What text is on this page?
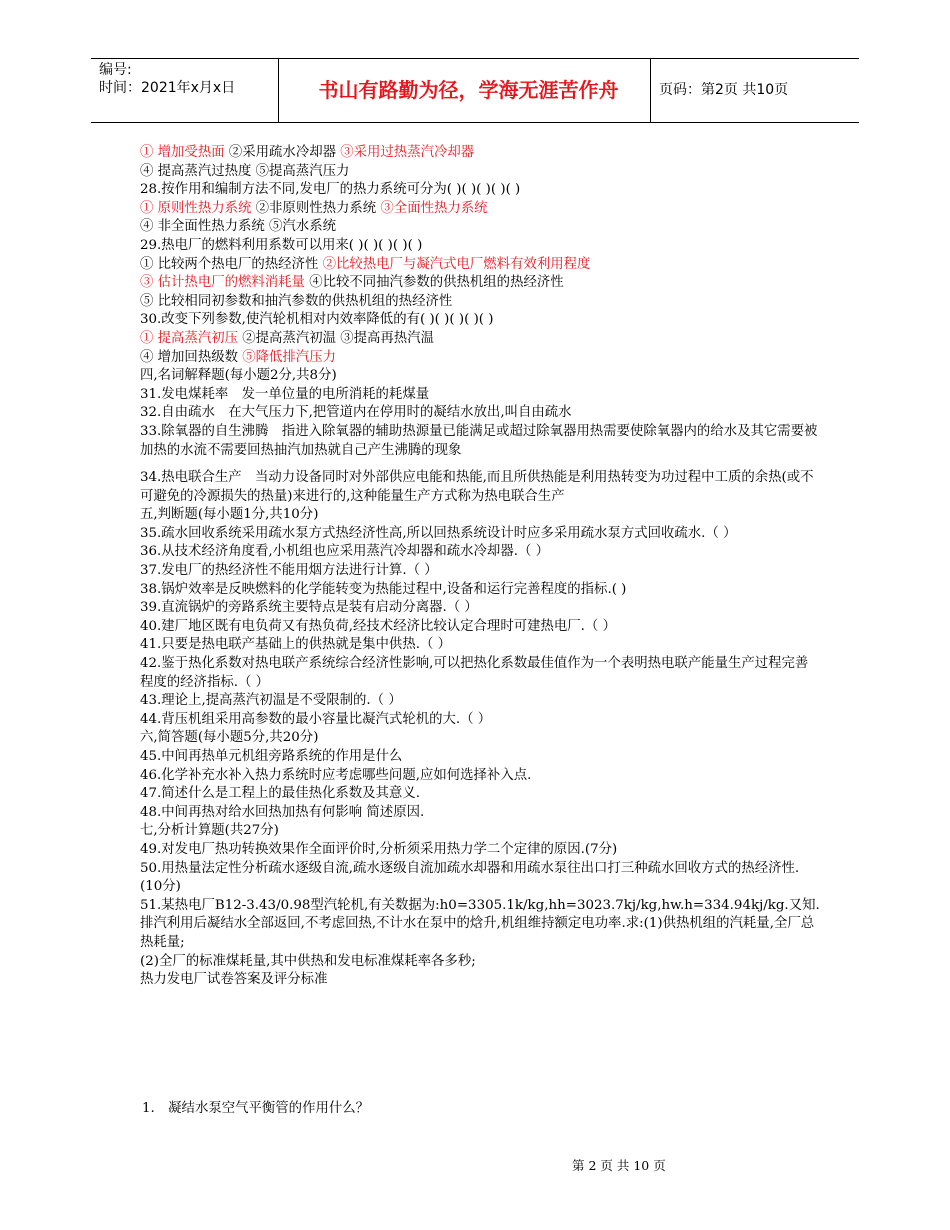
编号:
时间：2021年x月x日	书山有路勤为径，学海无涯苦作舟	页码：第2页 共10页
① 增加受热面 ②采用疏水冷却器 ③采用过热蒸汽冷却器
④ 提高蒸汽过热度 ⑤提高蒸汽压力
28.按作用和编制方法不同,发电厂的热力系统可分为( )( )( )( )( )
① 原则性热力系统 ②非原则性热力系统 ③全面性热力系统
④ 非全面性热力系统 ⑤汽水系统
29.热电厂的燃料利用系数可以用来( )( )( )( )( )
① 比较两个热电厂的热经济性 ②比较热电厂与凝汽式电厂燃料有效利用程度
③ 估计热电厂的燃料消耗量 ④比较不同抽汽参数的供热机组的热经济性
⑤ 比较相同初参数和抽汽参数的供热机组的热经济性
30.改变下列参数,使汽轮机相对内效率降低的有( )( )( )( )( )
① 提高蒸汽初压 ②提高蒸汽初温 ③提高再热汽温
④ 增加回热级数 ⑤降低排汽压力
四,名词解释题(每小题2分,共8分)
31.发电煤耗率　发一单位量的电所消耗的耗煤量
32.自由疏水　在大气压力下,把管道内在停用时的凝结水放出,叫自由疏水
33.除氧器的自生沸腾　指进入除氧器的辅助热源量已能满足或超过除氧器用热需要使除氧器内的给水及其它需要被加热的水流不需要回热抽汽加热就自己产生沸腾的现象
34.热电联合生产　当动力设备同时对外部供应电能和热能,而且所供热能是利用热转变为功过程中工质的余热(或不可避免的冷源损失的热量)来进行的,这种能量生产方式称为热电联合生产
五,判断题(每小题1分,共10分)
35.疏水回收系统采用疏水泵方式热经济性高,所以回热系统设计时应多采用疏水泵方式回收疏水.（ ）
36.从技术经济角度看,小机组也应采用蒸汽冷却器和疏水冷却器.（ ）
37.发电厂的热经济性不能用烟方法进行计算.（ ）
38.锅炉效率是反映燃料的化学能转变为热能过程中,设备和运行完善程度的指标.( )
39.直流锅炉的旁路系统主要特点是装有启动分离器.（ ）
40.建厂地区既有电负荷又有热负荷,经技术经济比较认定合理时可建热电厂.（ ）
41.只要是热电联产基础上的供热就是集中供热.（ ）
42.鉴于热化系数对热电联产系统综合经济性影响,可以把热化系数最佳值作为一个表明热电联产能量生产过程完善程度的经济指标.（ ）
43.理论上,提高蒸汽初温是不受限制的.（ ）
44.背压机组采用高参数的最小容量比凝汽式轮机的大.（ ）
六,简答题(每小题5分,共20分)
45.中间再热单元机组旁路系统的作用是什么
46.化学补充水补入热力系统时应考虑哪些问题,应如何选择补入点.
47.简述什么是工程上的最佳热化系数及其意义.
48.中间再热对给水回热加热有何影响 简述原因.
七,分析计算题(共27分)
49.对发电厂热功转换效果作全面评价时,分析须采用热力学二个定律的原因.(7分)
50.用热量法定性分析疏水逐级自流,疏水逐级自流加疏水却器和用疏水泵往出口打三种疏水回收方式的热经济性.(10分)
51.某热电厂B12-3.43/0.98型汽轮机,有关数据为:h0=3305.1k/kg,hh=3023.7kj/kg,hw.h=334.94kj/kg.又知.排汽利用后凝结水全部返回,不考虑回热,不计水在泵中的焓升,机组维持额定电功率.求:(1)供热机组的汽耗量,全厂总热耗量;
(2)全厂的标准煤耗量,其中供热和发电标准煤耗率各多秒;
热力发电厂试卷答案及评分标准
1.　凝结水泵空气平衡管的作用什么？
第 2 页 共 10 页
